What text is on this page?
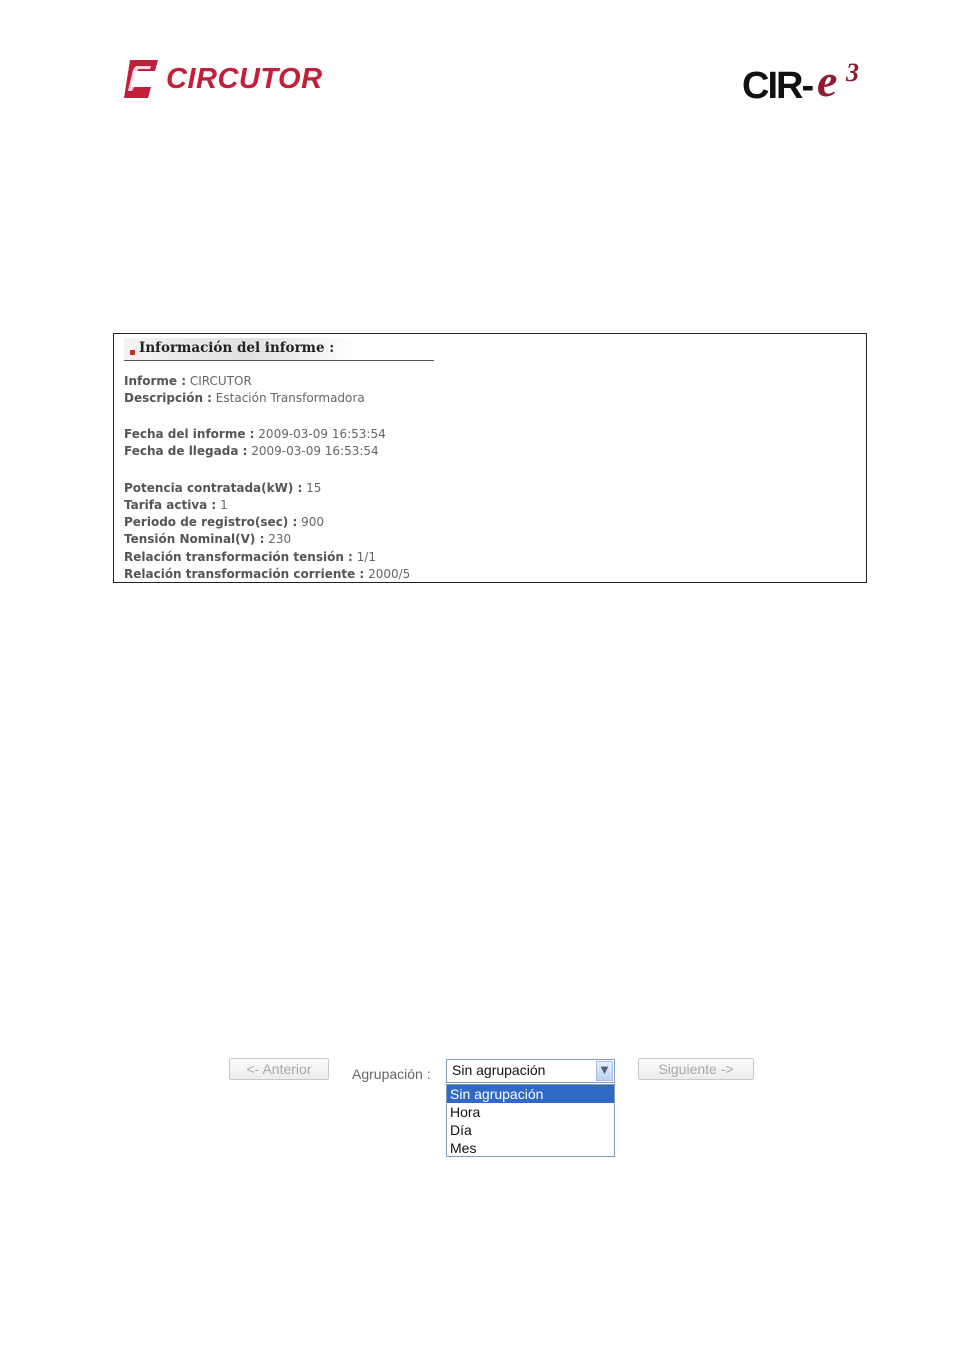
CIRCUTOR	CIR- e 3
Información del informe :
Informe : CIRCUTOR
Descripción : Estación Transformadora
Fecha del informe : 2009-03-09 16:53:54
Fecha de llegada : 2009-03-09 16:53:54
Potencia contratada(kW) : 15
Tarifa activa : 1
Periodo de registro(sec) : 900
Tensión Nominal(V) : 230
Relación transformación tensión : 1/1
Relación transformación corriente : 2000/5
<- Anterior	Agrupación : Sin agrupación	▼
Sin agrupación
Hora
Día
Mes
Siguiente ->
